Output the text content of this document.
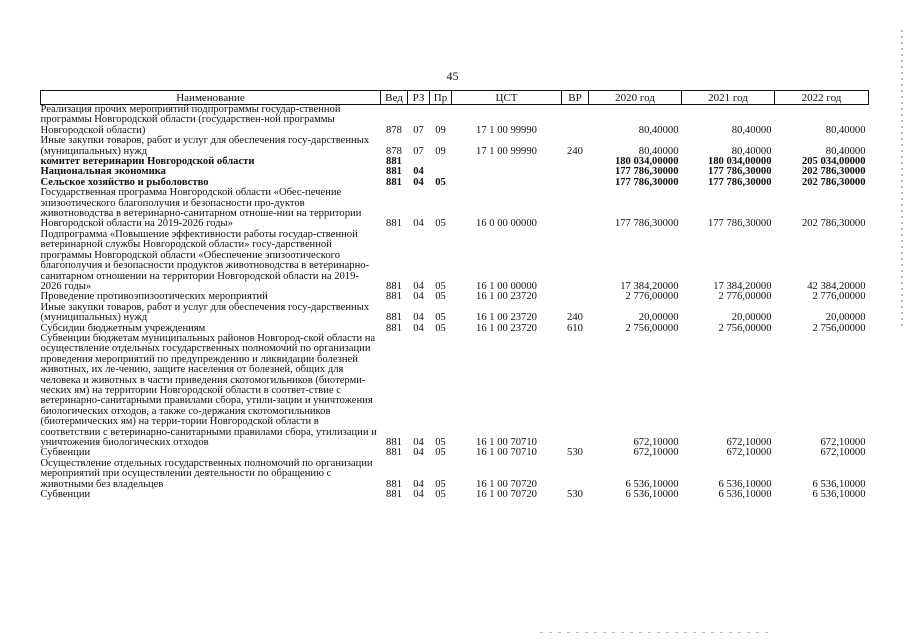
45
Наименование	Вед	РЗ	Пр	ЦСТ	ВР	2020 год	2021 год	2022 год
Реализация прочих мероприятий подпрограммы государ-ственной программы Новгородской области (государствен-ной программы Новгородской области)	878	07	09	17 1 00 99990		80,40000	80,40000	80,40000
Иные закупки товаров, работ и услуг для обеспечения госу-дарственных (муниципальных) нужд	878	07	09	17 1 00 99990	240	80,40000	80,40000	80,40000
комитет ветеринарии Новгородской области	881					180 034,00000	180 034,00000	205 034,00000
Национальная экономика	881	04				177 786,30000	177 786,30000	202 786,30000
Сельское хозяйство и рыболовство	881	04	05			177 786,30000	177 786,30000	202 786,30000
Государственная программа Новгородской области «Обес-печение эпизоотического благополучия и безопасности про-дуктов животноводства в ветеринарно-санитарном отноше-нии на территории Новгородской области на 2019-2026 годы»	881	04	05	16 0 00 00000		177 786,30000	177 786,30000	202 786,30000
Подпрограмма «Повышение эффективности работы государ-ственной ветеринарной службы Новгородской области» госу-дарственной программы Новгородской области «Обеспечение эпизоотического благополучия и безопасности продуктов животноводства в ветеринарно-санитарном отношении на территории Новгородской области на 2019-2026 годы»	881	04	05	16 1 00 00000		17 384,20000	17 384,20000	42 384,20000
Проведение противоэпизоотических мероприятий	881	04	05	16 1 00 23720		2 776,00000	2 776,00000	2 776,00000
Иные закупки товаров, работ и услуг для обеспечения госу-дарственных (муниципальных) нужд	881	04	05	16 1 00 23720	240	20,00000	20,00000	20,00000
Субсидии бюджетным учреждениям	881	04	05	16 1 00 23720	610	2 756,00000	2 756,00000	2 756,00000
Субвенции бюджетам муниципальных районов Новгород-ской области на осуществление отдельных государственных полномочий по организации проведения мероприятий по предупреждению и ликвидации болезней животных, их ле-чению, защите населения от болезней, общих для человека и животных в части приведения скотомогильников (биотерми-ческих ям) на территории Новгородской области в соответ-ствие с ветеринарно-санитарными правилами сбора, утили-зации и уничтожения биологических отходов, а также со-держания скотомогильников (биотермических ям) на терри-тории Новгородской области в соответствии с ветеринарно-санитарными правилами сбора, утилизации и уничтожения биологических отходов	881	04	05	16 1 00 70710		672,10000	672,10000	672,10000
Субвенции	881	04	05	16 1 00 70710	530	672,10000	672,10000	672,10000
Осуществление отдельных государственных полномочий по организации мероприятий при осуществлении деятельности по обращению с животными без владельцев	881	04	05	16 1 00 70720		6 536,10000	6 536,10000	6 536,10000
Субвенции	881	04	05	16 1 00 70720	530	6 536,10000	6 536,10000	6 536,10000
